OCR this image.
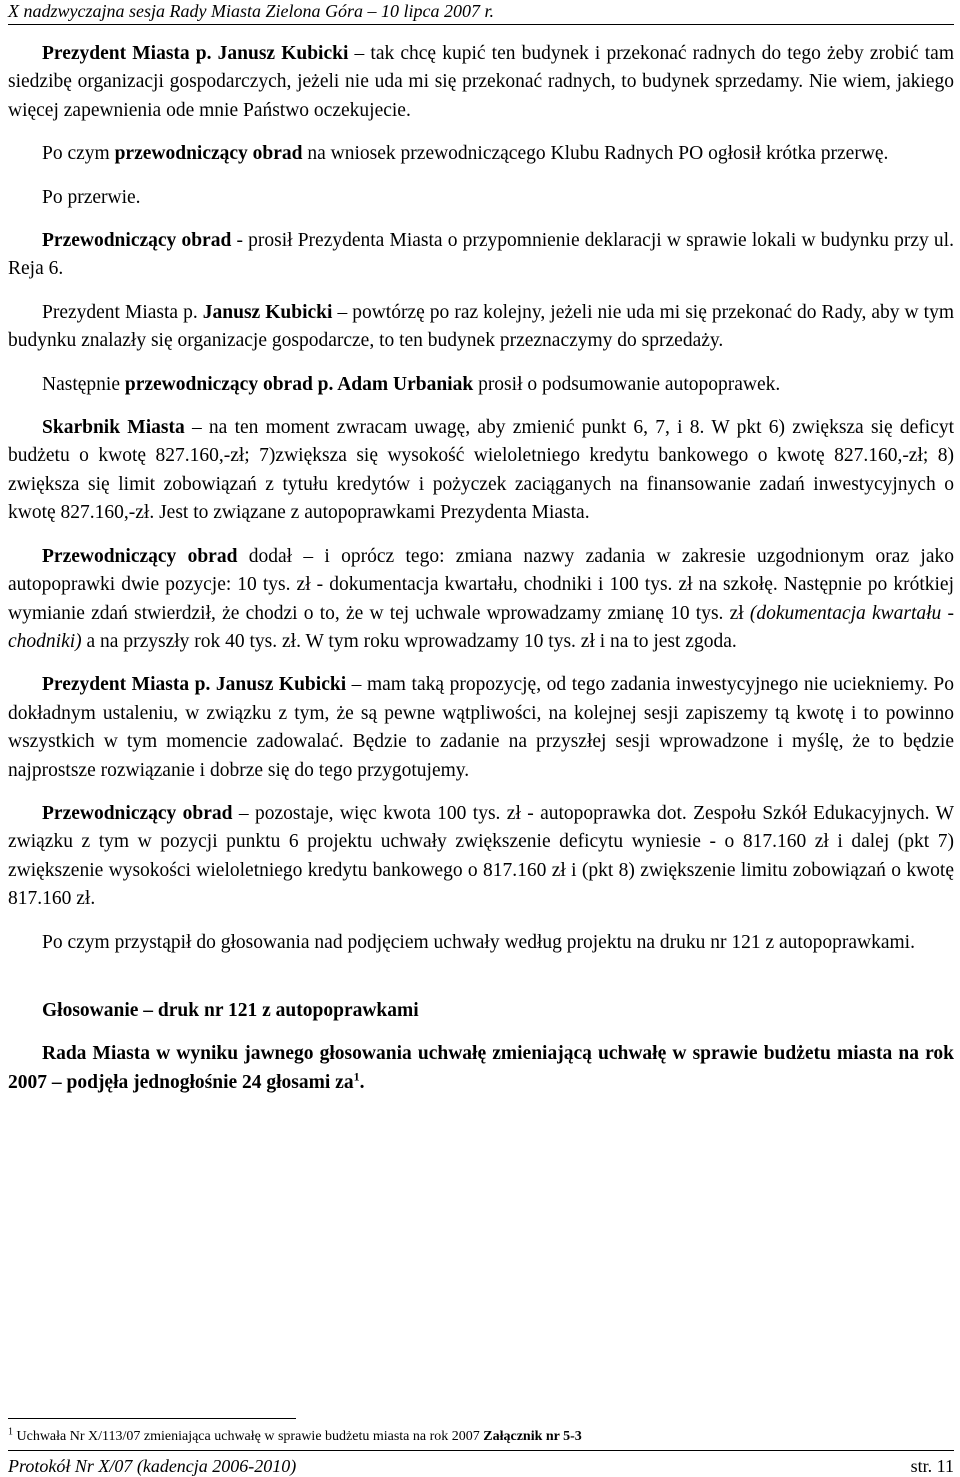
X nadzwyczajna sesja Rady Miasta Zielona Góra – 10 lipca 2007 r.

Prezydent Miasta p. Janusz Kubicki – tak chcę kupić ten budynek i przekonać radnych do tego żeby zrobić tam siedzibę organizacji gospodarczych, jeżeli nie uda mi się przekonać radnych, to budynek sprzedamy. Nie wiem, jakiego więcej zapewnienia ode mnie Państwo oczekujecie.

Po czym przewodniczący obrad na wniosek przewodniczącego Klubu Radnych PO ogłosił krótka przerwę.

Po przerwie.

Przewodniczący obrad - prosił Prezydenta Miasta o przypomnienie deklaracji w sprawie lokali w budynku przy ul. Reja 6.

Prezydent Miasta p. Janusz Kubicki – powtórzę po raz kolejny, jeżeli nie uda mi się przekonać do Rady, aby w tym budynku znalazły się organizacje gospodarcze, to ten budynek przeznaczymy do sprzedaży.

Następnie przewodniczący obrad p. Adam Urbaniak prosił o podsumowanie autopoprawek.

Skarbnik Miasta – na ten moment zwracam uwagę, aby zmienić punkt 6, 7, i 8. W pkt 6) zwiększa się deficyt budżetu o kwotę 827.160,-zł; 7)zwiększa się wysokość wieloletniego kredytu bankowego o kwotę 827.160,-zł; 8) zwiększa się limit zobowiązań z tytułu kredytów i pożyczek zaciąganych na finansowanie zadań inwestycyjnych o kwotę 827.160,-zł. Jest to związane z autopoprawkami Prezydenta Miasta.

Przewodniczący obrad dodał – i oprócz tego: zmiana nazwy zadania w zakresie uzgodnionym oraz jako autopoprawki dwie pozycje: 10 tys. zł - dokumentacja kwartału, chodniki i 100 tys. zł na szkołę. Następnie po krótkiej wymianie zdań stwierdził, że chodzi o to, że w tej uchwale wprowadzamy zmianę 10 tys. zł (dokumentacja kwartału - chodniki) a na przyszły rok 40 tys. zł. W tym roku wprowadzamy 10 tys. zł i na to jest zgoda.

Prezydent Miasta p. Janusz Kubicki – mam taką propozycję, od tego zadania inwestycyjnego nie uciekniemy. Po dokładnym ustaleniu, w związku z tym, że są pewne wątpliwości, na kolejnej sesji zapiszemy tą kwotę i to powinno wszystkich w tym momencie zadowalać. Będzie to zadanie na przyszłej sesji wprowadzone i myślę, że to będzie najprostsze rozwiązanie i dobrze się do tego przygotujemy.

Przewodniczący obrad – pozostaje, więc kwota 100 tys. zł - autopoprawka dot. Zespołu Szkół Edukacyjnych. W związku z tym w pozycji punktu 6 projektu uchwały zwiększenie deficytu wyniesie - o 817.160 zł i dalej (pkt 7) zwiększenie wysokości wieloletniego kredytu bankowego o 817.160 zł i (pkt 8) zwiększenie limitu zobowiązań o kwotę 817.160 zł.

Po czym przystąpił do głosowania nad podjęciem uchwały według projektu na druku nr 121 z autopoprawkami.

Głosowanie – druk nr 121 z autopoprawkami

Rada Miasta w wyniku jawnego głosowania uchwałę zmieniającą uchwałę w sprawie budżetu miasta na rok 2007 – podjęła jednogłośnie 24 głosami $za^1$.

$^1$ Uchwała Nr X/113/07 zmieniająca uchwałę w sprawie budżetu miasta na rok 2007 Załącznik nr 5-3
Protokół Nr X/07 (kadencja 2006-2010)	str. 11
